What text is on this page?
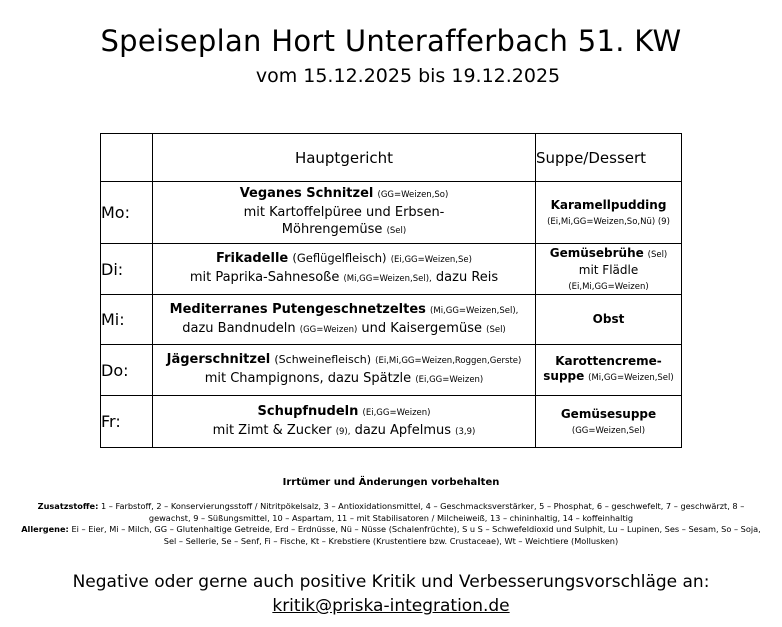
Speiseplan Hort Unterafferbach 51. KW
vom 15.12.2025 bis 19.12.2025
	Hauptgericht	Suppe/Dessert
Mo:	Veganes Schnitzel (GG=Weizen,So)
mit Kartoffelpüree und Erbsen-
Möhrengemüse (Sel)	Karamellpudding
(Ei,Mi,GG=Weizen,So,Nü) (9)
Di:	Frikadelle (Geflügelfleisch) (Ei,GG=Weizen,Se)
mit Paprika-Sahnesoße (Mi,GG=Weizen,Sel), dazu Reis	Gemüsebrühe (Sel)
mit Flädle
(Ei,Mi,GG=Weizen)
Mi:	Mediterranes Putengeschnetzeltes (Mi,GG=Weizen,Sel),
dazu Bandnudeln (GG=Weizen) und Kaisergemüse (Sel)	Obst
Do:	Jägerschnitzel (Schweinefleisch) (Ei,Mi,GG=Weizen,Roggen,Gerste)
mit Champignons, dazu Spätzle (Ei,GG=Weizen)	Karottencreme-
suppe (Mi,GG=Weizen,Sel)
Fr:	Schupfnudeln (Ei,GG=Weizen)
mit Zimt & Zucker (9), dazu Apfelmus (3,9)	Gemüsesuppe
(GG=Weizen,Sel)
Irrtümer und Änderungen vorbehalten
Zusatzstoffe: 1 – Farbstoff, 2 – Konservierungsstoff / Nitritpökelsalz, 3 – Antioxidationsmittel, 4 – Geschmacksverstärker, 5 – Phosphat, 6 – geschwefelt, 7 – geschwärzt, 8 – gewachst, 9 – Süßungsmittel, 10 – Aspartam, 11 – mit Stabilisatoren / Milcheiweiß, 13 – chininhaltig, 14 – koffeinhaltig
Allergene: Ei – Eier, Mi – Milch, GG – Glutenhaltige Getreide, Erd – Erdnüsse, Nü – Nüsse (Schalenfrüchte), S u S – Schwefeldioxid und Sulphit, Lu – Lupinen, Ses – Sesam, So – Soja, Sel – Sellerie, Se – Senf, Fi – Fische, Kt – Krebstiere (Krustentiere bzw. Crustaceae), Wt – Weichtiere (Mollusken)
Negative oder gerne auch positive Kritik und Verbesserungsvorschläge an:
kritik@priska-integration.de
